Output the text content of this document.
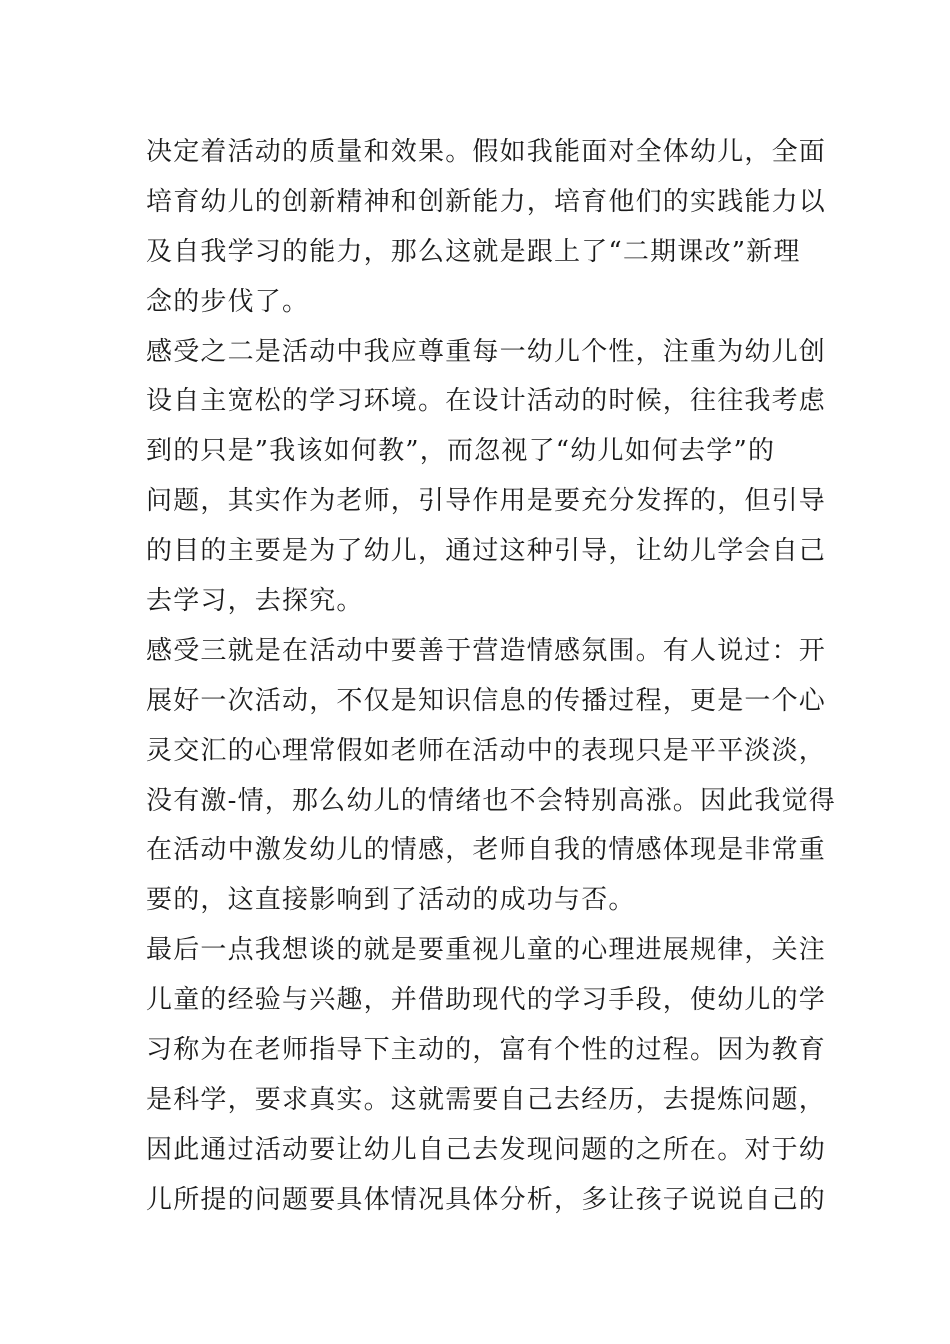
决定着活动的质量和效果。假如我能面对全体幼儿，全面
培育幼儿的创新精神和创新能力，培育他们的实践能力以
及自我学习的能力，那么这就是跟上了“二期课改”新理
念的步伐了。
感受之二是活动中我应尊重每一幼儿个性，注重为幼儿创
设自主宽松的学习环境。在设计活动的时候，往往我考虑
到的只是”我该如何教”，而忽视了“幼儿如何去学”的
问题，其实作为老师，引导作用是要充分发挥的，但引导
的目的主要是为了幼儿，通过这种引导，让幼儿学会自己
去学习，去探究。
感受三就是在活动中要善于营造情感氛围。有人说过：开
展好一次活动，不仅是知识信息的传播过程，更是一个心
灵交汇的心理常假如老师在活动中的表现只是平平淡淡，
没有激-情，那么幼儿的情绪也不会特别高涨。因此我觉得
在活动中激发幼儿的情感，老师自我的情感体现是非常重
要的，这直接影响到了活动的成功与否。
最后一点我想谈的就是要重视儿童的心理进展规律，关注
儿童的经验与兴趣，并借助现代的学习手段，使幼儿的学
习称为在老师指导下主动的，富有个性的过程。因为教育
是科学，要求真实。这就需要自己去经历，去提炼问题，
因此通过活动要让幼儿自己去发现问题的之所在。对于幼
儿所提的问题要具体情况具体分析，多让孩子说说自己的
